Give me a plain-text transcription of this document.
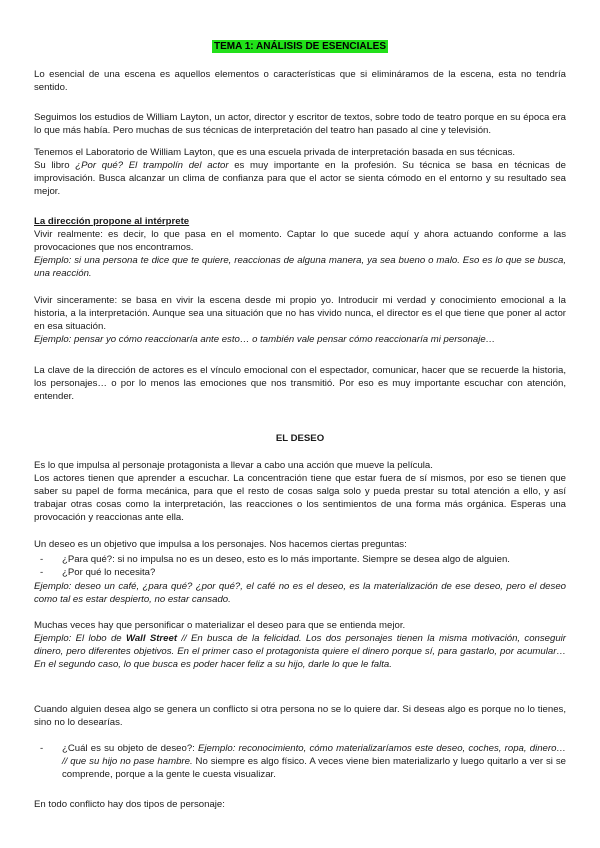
TEMA 1: ANÁLISIS DE ESENCIALES

Lo esencial de una escena es aquellos elementos o características que si elimináramos de la escena, esta no tendría sentido.

Seguimos los estudios de William Layton, un actor, director y escritor de textos, sobre todo de teatro porque en su época era lo que más había. Pero muchas de sus técnicas de interpretación del teatro han pasado al cine y televisión.

Tenemos el Laboratorio de William Layton, que es una escuela privada de interpretación basada en sus técnicas.

Su libro ¿Por qué? El trampolín del actor es muy importante en la profesión. Su técnica se basa en técnicas de improvisación. Busca alcanzar un clima de confianza para que el actor se sienta cómodo en el entorno y su resultado sea mejor.

La dirección propone al intérprete

Vivir realmente: es decir, lo que pasa en el momento. Captar lo que sucede aquí y ahora actuando conforme a las provocaciones que nos encontramos.

Ejemplo: si una persona te dice que te quiere, reaccionas de alguna manera, ya sea bueno o malo. Eso es lo que se busca, una reacción.

Vivir sinceramente: se basa en vivir la escena desde mi propio yo. Introducir mi verdad y conocimiento emocional a la historia, a la interpretación. Aunque sea una situación que no has vivido nunca, el director es el que tiene que poner al actor en esa situación.

Ejemplo: pensar yo cómo reaccionaría ante esto… o también vale pensar cómo reaccionaría mi personaje…

La clave de la dirección de actores es el vínculo emocional con el espectador, comunicar, hacer que se recuerde la historia, los personajes… o por lo menos las emociones que nos transmitió. Por eso es muy importante escuchar con atención, entender.

EL DESEO

Es lo que impulsa al personaje protagonista a llevar a cabo una acción que mueve la película.

Los actores tienen que aprender a escuchar. La concentración tiene que estar fuera de sí mismos, por eso se tienen que saber su papel de forma mecánica, para que el resto de cosas salga solo y pueda prestar su total atención a ello, y así trabajar otras cosas como la interpretación, las reacciones o los sentimientos de una forma más orgánica. Esperas una provocación y reaccionas ante ella.

Un deseo es un objetivo que impulsa a los personajes. Nos hacemos ciertas preguntas:

- ¿Para qué?: si no impulsa no es un deseo, esto es lo más importante. Siempre se desea algo de alguien.
- ¿Por qué lo necesita?

Ejemplo: deseo un café, ¿para qué? ¿por qué?, el café no es el deseo, es la materialización de ese deseo, pero el deseo como tal es estar despierto, no estar cansado.

Muchas veces hay que personificar o materializar el deseo para que se entienda mejor.

Ejemplo: El lobo de Wall Street // En busca de la felicidad. Los dos personajes tienen la misma motivación, conseguir dinero, pero diferentes objetivos. En el primer caso el protagonista quiere el dinero porque sí, para gastarlo, por acumular… En el segundo caso, lo que busca es poder hacer feliz a su hijo, darle lo que le falta.

Cuando alguien desea algo se genera un conflicto si otra persona no se lo quiere dar. Si deseas algo es porque no lo tienes, sino no lo desearías.

- ¿Cuál es su objeto de deseo?: Ejemplo: reconocimiento, cómo materializaríamos este deseo, coches, ropa, dinero… // que su hijo no pase hambre. No siempre es algo físico. A veces viene bien materializarlo y luego quitarlo a ver si se comprende, porque a la gente le cuesta visualizar.

En todo conflicto hay dos tipos de personaje:
